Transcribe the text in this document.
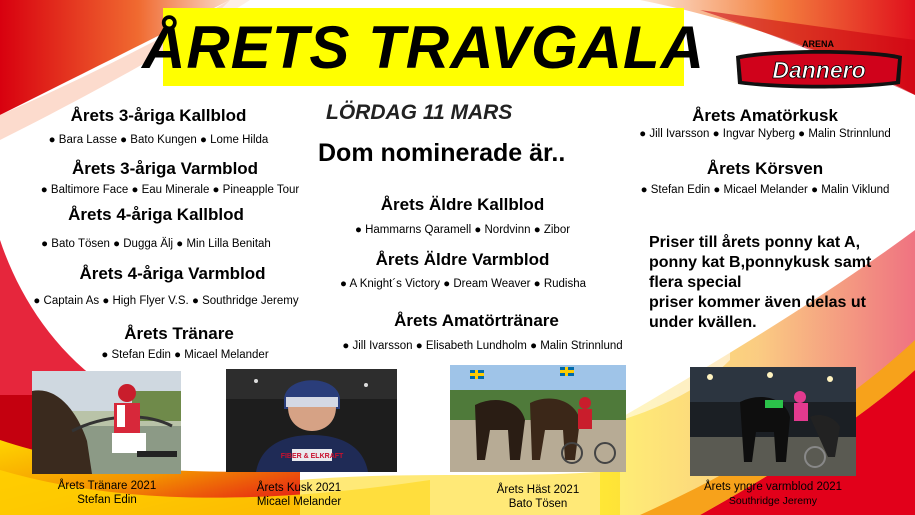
ÅRETS TRAVGALA	ARENA
Dannero
LÖRDAG 11 MARS
Dom nominerade är..
Årets 3-åriga Kallblod
● Bara Lasse ● Bato Kungen ● Lome Hilda
Årets 3-åriga Varmblod
● Baltimore Face ● Eau Minerale ● Pineapple Tour
Årets 4-åriga Kallblod
● Bato Tösen ● Dugga Älj ● Min Lilla Benitah
Årets 4-åriga Varmblod
● Captain As ● High Flyer V.S. ● Southridge Jeremy
Årets Tränare
● Stefan Edin ● Micael Melander
Årets Äldre Kallblod
● Hammarns Qaramell ● Nordvinn ● Zibor
Årets Äldre Varmblod
● A Knight´s Victory ● Dream Weaver ● Rudisha
Årets Amatörtränare
● Jill Ivarsson ● Elisabeth Lundholm ● Malin Strinnlund
Årets Amatörkusk
● Jill Ivarsson ● Ingvar Nyberg ● Malin Strinnlund
Årets Körsven
● Stefan Edin ● Micael Melander ● Malin Viklund
Priser till årets ponny kat A,
ponny kat B,ponnykusk samt
flera special
priser kommer även delas ut
under kvällen.
Årets Tränare 2021
Stefan Edin
FIBER & ELKRAFT
Årets Kusk 2021
Micael Melander
Årets Häst 2021
Bato Tösen
Årets yngre varmblod 2021
Southridge Jeremy
